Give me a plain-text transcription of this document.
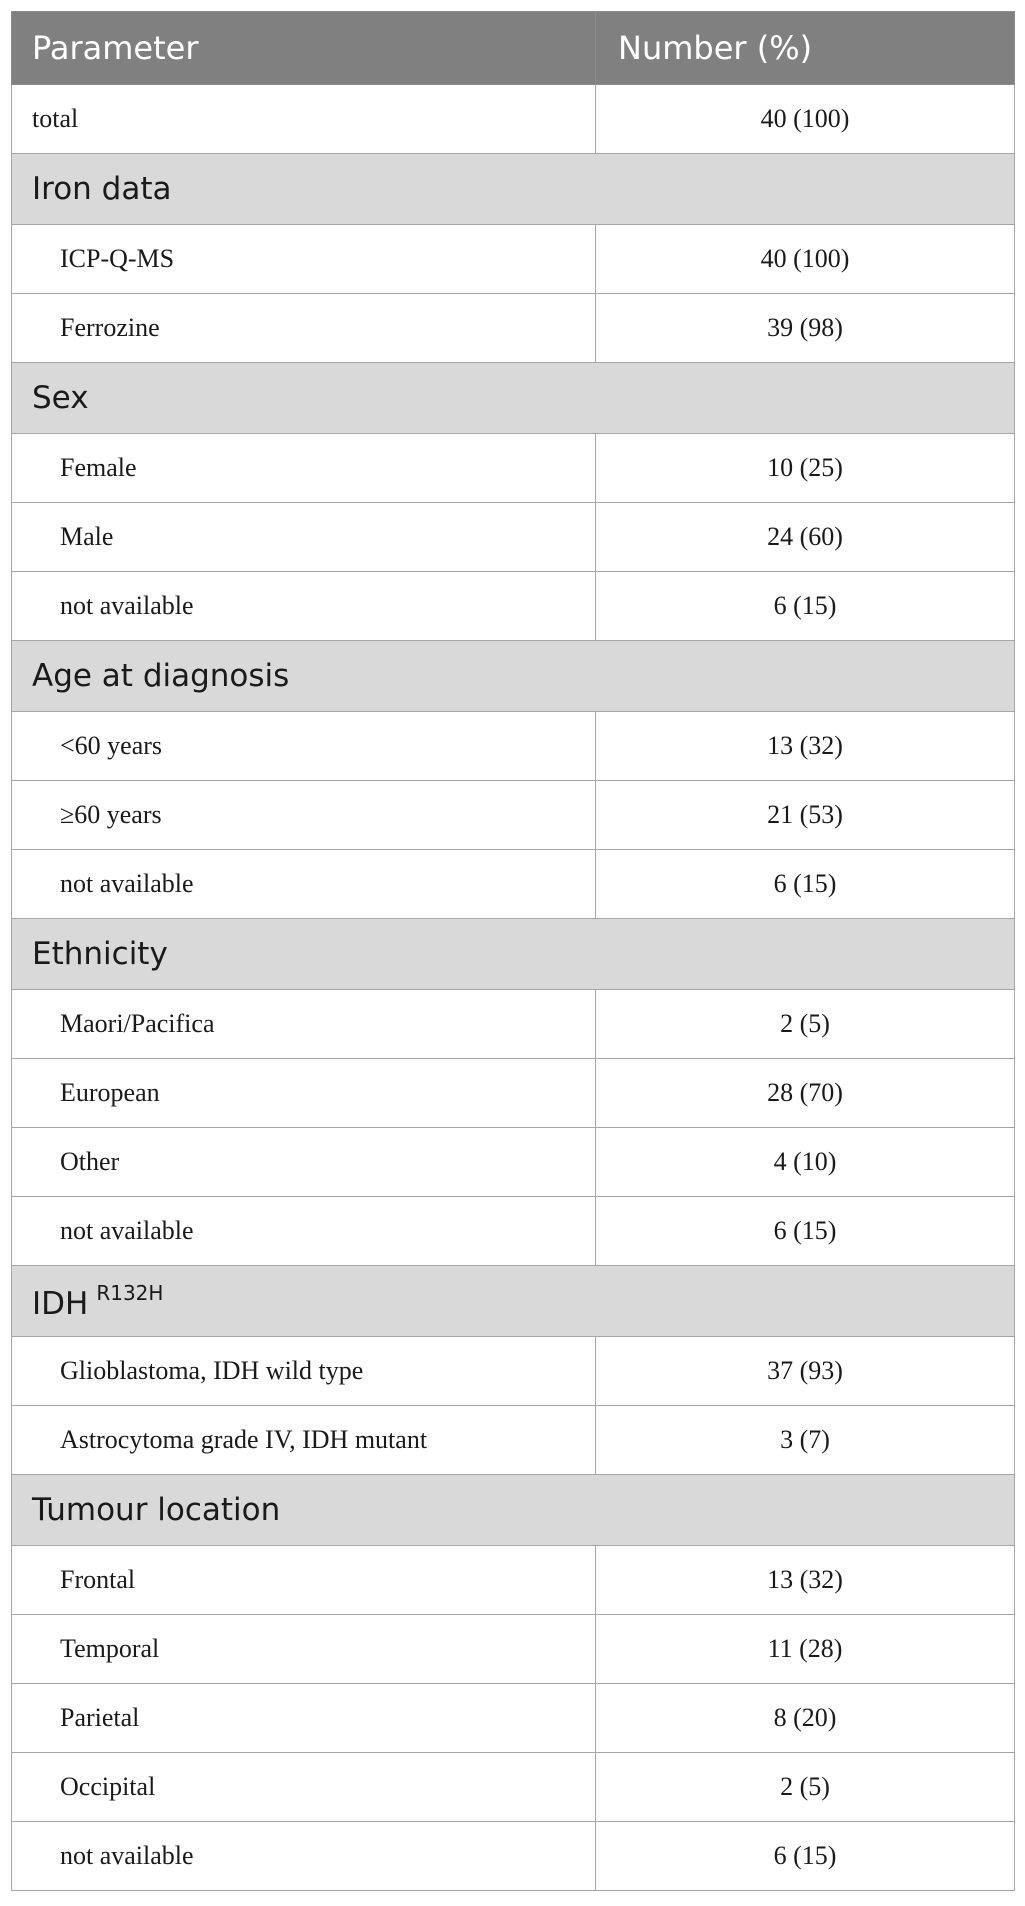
Parameter	Number (%)
total	40 (100)
Iron data	
ICP-Q-MS	40 (100)
Ferrozine	39 (98)
Sex	
Female	10 (25)
Male	24 (60)
not available	6 (15)
Age at diagnosis	
<60 years	13 (32)
≥60 years	21 (53)
not available	6 (15)
Ethnicity	
Maori/Pacifica	2 (5)
European	28 (70)
Other	4 (10)
not available	6 (15)
IDH $^{R132H}$
Glioblastoma, IDH wild type	37 (93)
Astrocytoma grade IV, IDH mutant	3 (7)
Tumour location	
Frontal	13 (32)
Temporal	11 (28)
Parietal	8 (20)
Occipital	2 (5)
not available	6 (15)
